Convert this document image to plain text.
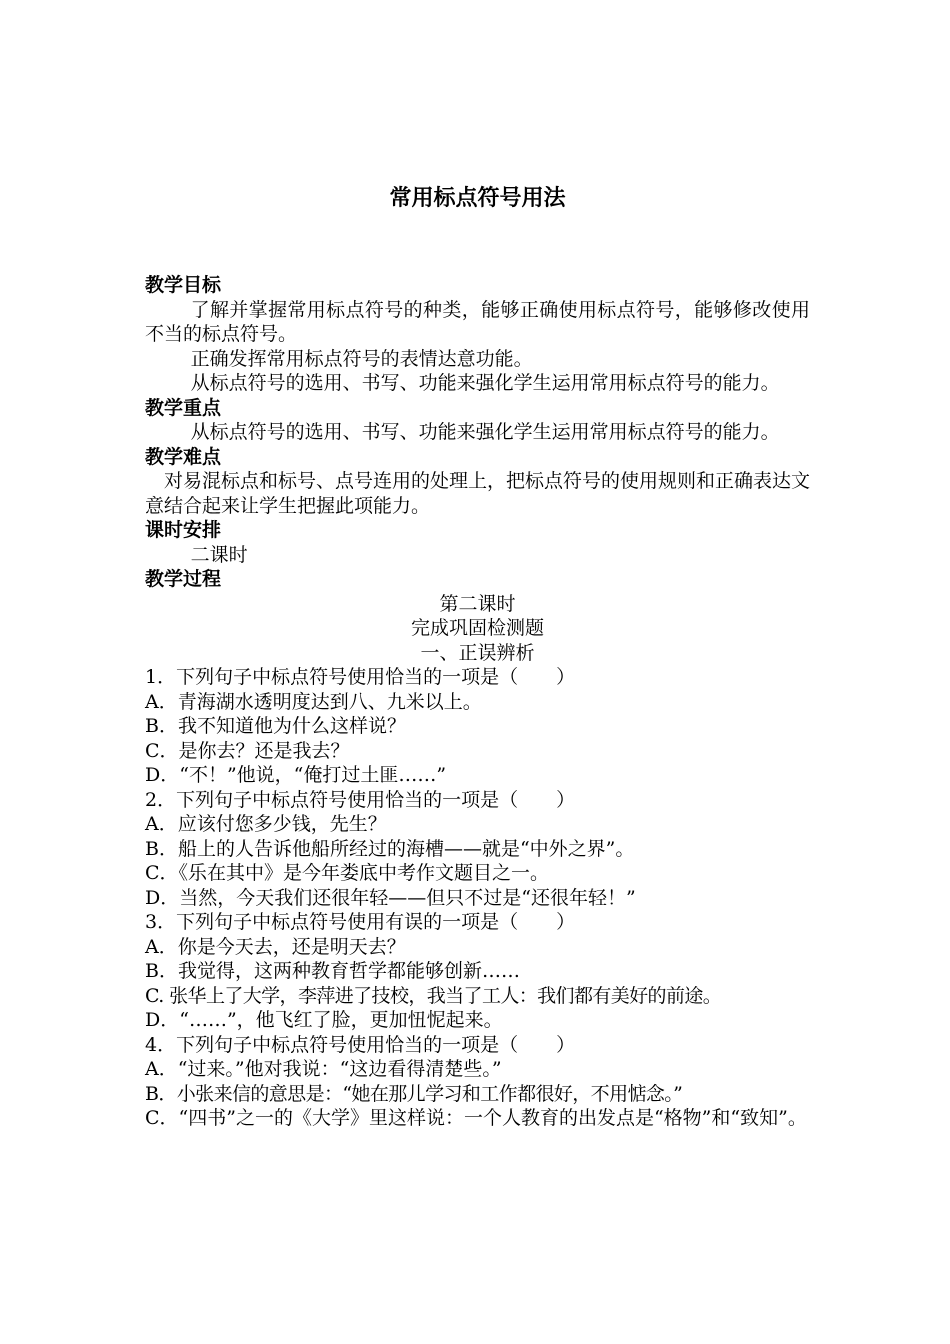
常用标点符号用法

教学目标

了解并掌握常用标点符号的种类，能够正确使用标点符号，能够修改使用不当的标点符号。

正确发挥常用标点符号的表情达意功能。

从标点符号的选用、书写、功能来强化学生运用常用标点符号的能力。

教学重点

从标点符号的选用、书写、功能来强化学生运用常用标点符号的能力。

教学难点

对易混标点和标号、点号连用的处理上，把标点符号的使用规则和正确表达文意结合起来让学生把握此项能力。

课时安排

二课时

教学过程

第二课时

完成巩固检测题

一、正误辨析

1．下列句子中标点符号使用恰当的一项是（　　）

A．青海湖水透明度达到八、九米以上。

B．我不知道他为什么这样说？

C．是你去？还是我去？

D．“不！”他说，“俺打过土匪……”

2．下列句子中标点符号使用恰当的一项是（　　）

A．应该付您多少钱，先生？

B．船上的人告诉他船所经过的海槽——就是“中外之界”。

C．《乐在其中》是今年娄底中考作文题目之一。

D．当然，今天我们还很年轻——但只不过是“还很年轻！”

3．下列句子中标点符号使用有误的一项是（　　）

A．你是今天去，还是明天去？

B．我觉得，这两种教育哲学都能够创新……

C. 张华上了大学，李萍进了技校，我当了工人：我们都有美好的前途。

D．“……”，他飞红了脸，更加忸怩起来。

4．下列句子中标点符号使用恰当的一项是（　　）

A．“过来。”他对我说：“这边看得清楚些。”

B．小张来信的意思是：“她在那儿学习和工作都很好，不用惦念。”

C．“四书”之一的《大学》里这样说：一个人教育的出发点是“格物”和“致知”。
